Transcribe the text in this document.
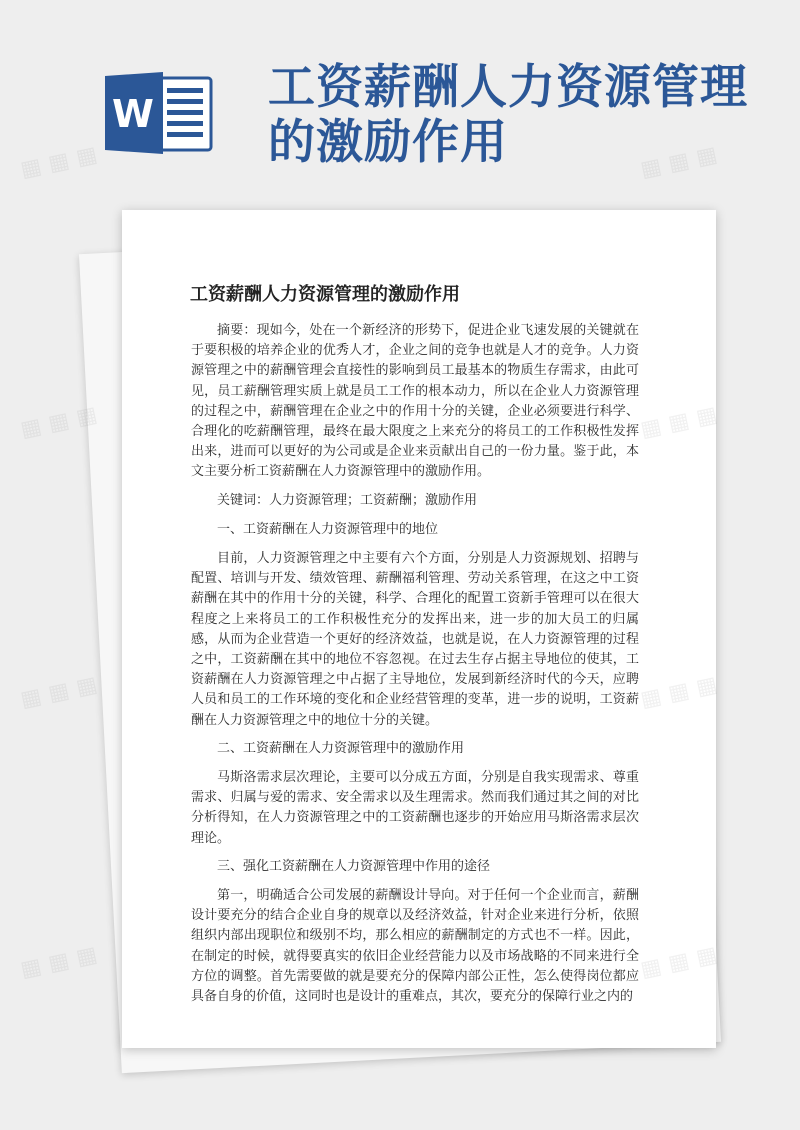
W 工资薪酬人力资源管理的激励作用
工资薪酬人力资源管理的激励作用

摘要：现如今，处在一个新经济的形势下，促进企业飞速发展的关键就在于要积极的培养企业的优秀人才，企业之间的竞争也就是人才的竞争。人力资源管理之中的薪酬管理会直接性的影响到员工最基本的物质生存需求，由此可见，员工薪酬管理实质上就是员工工作的根本动力，所以在企业人力资源管理的过程之中，薪酬管理在企业之中的作用十分的关键，企业必须要进行科学、合理化的吃薪酬管理，最终在最大限度之上来充分的将员工的工作积极性发挥出来，进而可以更好的为公司或是企业来贡献出自己的一份力量。鉴于此，本文主要分析工资薪酬在人力资源管理中的激励作用。

关键词：人力资源管理；工资薪酬；激励作用

一、工资薪酬在人力资源管理中的地位

目前，人力资源管理之中主要有六个方面，分别是人力资源规划、招聘与配置、培训与开发、绩效管理、薪酬福利管理、劳动关系管理，在这之中工资薪酬在其中的作用十分的关键，科学、合理化的配置工资新手管理可以在很大程度之上来将员工的工作积极性充分的发挥出来，进一步的加大员工的归属感，从而为企业营造一个更好的经济效益，也就是说，在人力资源管理的过程之中，工资薪酬在其中的地位不容忽视。在过去生存占据主导地位的使其，工资薪酬在人力资源管理之中占据了主导地位，发展到新经济时代的今天，应聘人员和员工的工作环境的变化和企业经营管理的变革，进一步的说明，工资薪酬在人力资源管理之中的地位十分的关键。

二、工资薪酬在人力资源管理中的激励作用

马斯洛需求层次理论，主要可以分成五方面，分别是自我实现需求、尊重需求、归属与爱的需求、安全需求以及生理需求。然而我们通过其之间的对比分析得知，在人力资源管理之中的工资薪酬也逐步的开始应用马斯洛需求层次理论。

三、强化工资薪酬在人力资源管理中作用的途径

第一，明确适合公司发展的薪酬设计导向。对于任何一个企业而言，薪酬设计要充分的结合企业自身的规章以及经济效益，针对企业来进行分析，依照组织内部出现职位和级别不均，那么相应的薪酬制定的方式也不一样。因此，在制定的时候，就得要真实的依旧企业经营能力以及市场战略的不同来进行全方位的调整。首先需要做的就是要充分的保障内部公正性，怎么使得岗位都应具备自身的价值，这同时也是设计的重难点，其次，要充分的保障行业之内的

▦ ▦ ▦	▦ ▦ ▦
▦ ▦ ▦
▦ ▦ ▦
▦ ▦ ▦
